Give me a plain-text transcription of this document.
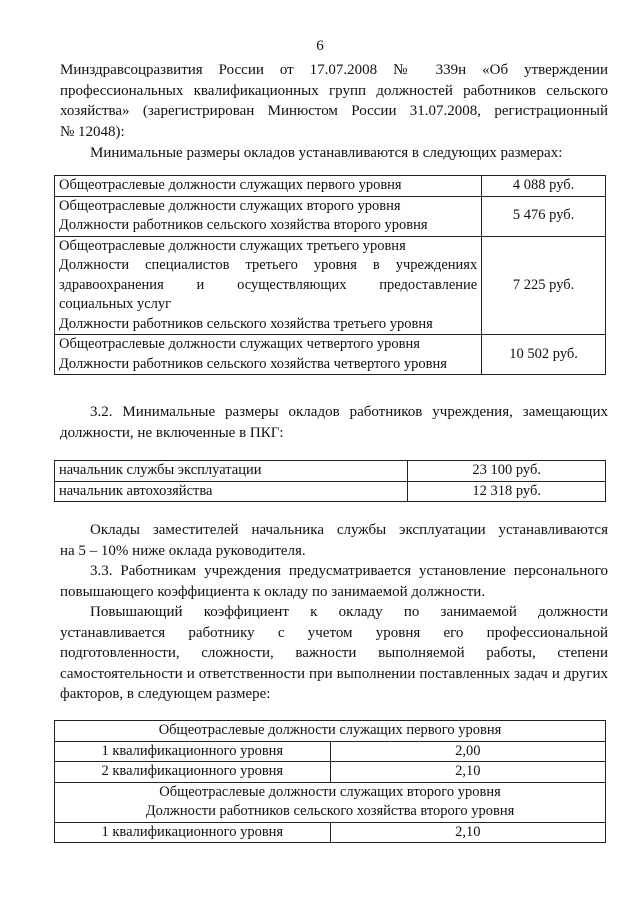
6
Минздравсоцразвития России от 17.07.2008 № 339н «Об утверждении
профессиональных квалификационных групп должностей работников сельского
хозяйства» (зарегистрирован Минюстом России 31.07.2008, регистрационный
№ 12048):
Минимальные размеры окладов устанавливаются в следующих размерах:
Общеотраслевые должности служащих первого уровня	4 088 руб.

Общеотраслевые должности служащих второго уровня
Должности работников сельского хозяйства второго уровня	5 476 руб.

Общеотраслевые должности служащих третьего уровня
Должности специалистов третьего уровня в учреждениях
здравоохранения и осуществляющих предоставление
социальных услуг
Должности работников сельского хозяйства третьего уровня	7 225 руб.

Общеотраслевые должности служащих четвертого уровня
Должности работников сельского хозяйства четвертого уровня	10 502 руб.
3.2. Минимальные размеры окладов работников учреждения, замещающих
должности, не включенные в ПКГ:
начальник службы эксплуатации	23 100 руб.
начальник автохозяйства	12 318 руб.
Оклады заместителей начальника службы эксплуатации устанавливаются
на 5 – 10% ниже оклада руководителя.
3.3. Работникам учреждения предусматривается установление персонального
повышающего коэффициента к окладу по занимаемой должности.
Повышающий коэффициент к окладу по занимаемой должности
устанавливается работнику с учетом уровня его профессиональной
подготовленности, сложности, важности выполняемой работы, степени
самостоятельности и ответственности при выполнении поставленных задач и других
факторов, в следующем размере:
Общеотраслевые должности служащих первого уровня	
1 квалификационного уровня	2,00
2 квалификационного уровня	2,10

Общеотраслевые должности служащих второго уровня
Должности работников сельского хозяйства второго уровня	

1 квалификационного уровня	2,10
